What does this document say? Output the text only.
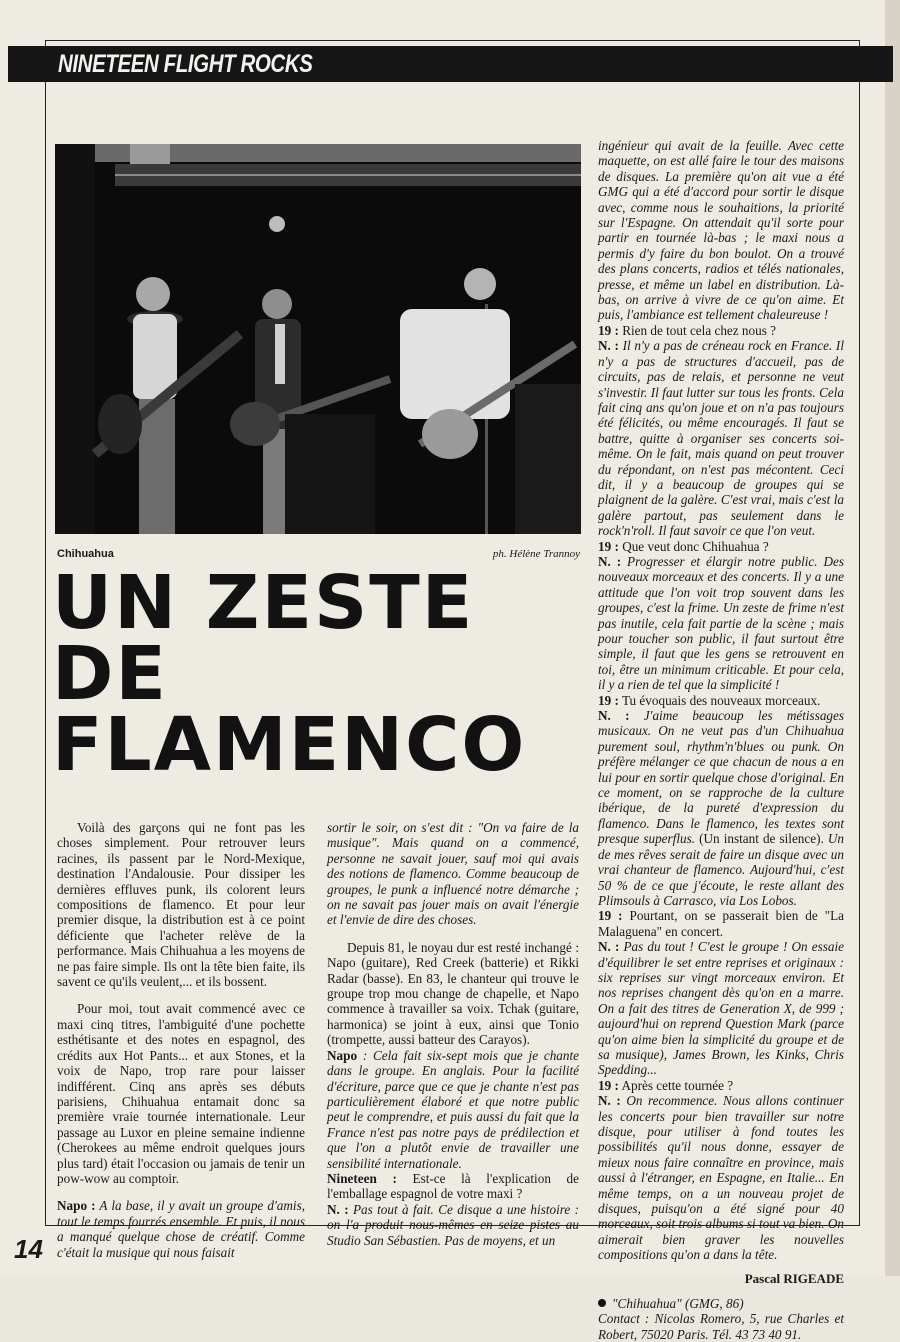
NINETEEN FLIGHT ROCKS
Chihuahua	ph. Hélène Trannoy
UN ZESTE
DE
FLAMENCO

Voilà des garçons qui ne font pas les choses simplement. Pour retrouver leurs racines, ils passent par le Nord-Mexique, destination l'Andalousie. Pour dissiper les dernières effluves punk, ils colorent leurs compositions de flamenco. Et pour leur premier disque, la distribution est à ce point déficiente que l'acheter relève de la performance. Mais Chihuahua a les moyens de ne pas faire simple. Ils ont la tête bien faite, ils savent ce qu'ils veulent,... et ils bossent.

Pour moi, tout avait commencé avec ce maxi cinq titres, l'ambiguité d'une pochette esthétisante et des notes en espagnol, des crédits aux Hot Pants... et aux Stones, et la voix de Napo, trop rare pour laisser indifférent. Cinq ans après ses débuts parisiens, Chihuahua entamait donc sa première vraie tournée internationale. Leur passage au Luxor en pleine semaine indienne (Cherokees au même endroit quelques jours plus tard) était l'occasion ou jamais de tenir un pow-wow au comptoir.

Napo : A la base, il y avait un groupe d'amis, tout le temps fourrés ensemble. Et puis, il nous a manqué quelque chose de créatif. Comme c'était la musique qui nous faisait

sortir le soir, on s'est dit : "On va faire de la musique". Mais quand on a commencé, personne ne savait jouer, sauf moi qui avais des notions de flamenco. Comme beaucoup de groupes, le punk a influencé notre démarche ; on ne savait pas jouer mais on avait l'énergie et l'envie de dire des choses.

Depuis 81, le noyau dur est resté inchangé : Napo (guitare), Red Creek (batterie) et Rikki Radar (basse). En 83, le chanteur qui trouve le groupe trop mou change de chapelle, et Napo commence à travailler sa voix. Tchak (guitare, harmonica) se joint à eux, ainsi que Tonio (trompette, aussi batteur des Carayos).

Napo : Cela fait six-sept mois que je chante dans le groupe. En anglais. Pour la facilité d'écriture, parce que ce que je chante n'est pas particulièrement élaboré et que notre public peut le comprendre, et puis aussi du fait que la France n'est pas notre pays de prédilection et que l'on a plutôt envie de travailler une sensibilité internationale.

Nineteen : Est-ce là l'explication de l'emballage espagnol de votre maxi ?

N. : Pas tout à fait. Ce disque a une histoire : on l'a produit nous-mêmes en seize pistes au Studio San Sébastien. Pas de moyens, et un

ingénieur qui avait de la feuille. Avec cette maquette, on est allé faire le tour des maisons de disques. La première qu'on ait vue a été GMG qui a été d'accord pour sortir le disque avec, comme nous le souhaitions, la priorité sur l'Espagne. On attendait qu'il sorte pour partir en tournée là-bas ; le maxi nous a permis d'y faire du bon boulot. On a trouvé des plans concerts, radios et télés nationales, presse, et même un label en distribution. Là-bas, on arrive à vivre de ce qu'on aime. Et puis, l'ambiance est tellement chaleureuse !

19 : Rien de tout cela chez nous ?

N. : Il n'y a pas de créneau rock en France. Il n'y a pas de structures d'accueil, pas de circuits, pas de relais, et personne ne veut s'investir. Il faut lutter sur tous les fronts. Cela fait cinq ans qu'on joue et on n'a pas toujours été félicités, ou même encouragés. Il faut se battre, quitte à organiser ses concerts soi-même. On le fait, mais quand on peut trouver du répondant, on n'est pas mécontent. Ceci dit, il y a beaucoup de groupes qui se plaignent de la galère. C'est vrai, mais c'est la galère partout, pas seulement dans le rock'n'roll. Il faut savoir ce que l'on veut.

19 : Que veut donc Chihuahua ?

N. : Progresser et élargir notre public. Des nouveaux morceaux et des concerts. Il y a une attitude que l'on voit trop souvent dans les groupes, c'est la frime. Un zeste de frime n'est pas inutile, cela fait partie de la scène ; mais pour toucher son public, il faut surtout être simple, il faut que les gens se retrouvent en toi, être un minimum criticable. Et pour cela, il y a rien de tel que la simplicité !

19 : Tu évoquais des nouveaux morceaux.

N. : J'aime beaucoup les métissages musicaux. On ne veut pas d'un Chihuahua purement soul, rhythm'n'blues ou punk. On préfère mélanger ce que chacun de nous a en lui pour en sortir quelque chose d'original. En ce moment, on se rapproche de la culture ibérique, de la pureté d'expression du flamenco. Dans le flamenco, les textes sont presque superflus. (Un instant de silence). Un de mes rêves serait de faire un disque avec un vrai chanteur de flamenco. Aujourd'hui, c'est 50 % de ce que j'écoute, le reste allant des Plimsouls à Carrasco, via Los Lobos.

19 : Pourtant, on se passerait bien de "La Malaguena" en concert.

N. : Pas du tout ! C'est le groupe ! On essaie d'équilibrer le set entre reprises et originaux : six reprises sur vingt morceaux environ. Et nos reprises changent dès qu'on en a marre. On a fait des titres de Generation X, de 999 ; aujourd'hui on reprend Question Mark (parce qu'on aime bien la simplicité du groupe et de sa musique), James Brown, les Kinks, Chris Spedding...

19 : Après cette tournée ?

N. : On recommence. Nous allons continuer les concerts pour bien travailler sur notre disque, pour utiliser à fond toutes les possibilités qu'il nous donne, essayer de mieux nous faire connaître en province, mais aussi à l'étranger, en Espagne, en Italie... En même temps, on a un nouveau projet de disques, puisqu'on a été signé pour 40 morceaux, soit trois albums si tout va bien. On aimerait bien graver les nouvelles compositions qu'on a dans la tête.

Pascal RIGEADE

"Chihuahua" (GMG, 86)
Contact : Nicolas Romero, 5, rue Charles et Robert, 75020 Paris. Tél. 43 73 40 91.

14
